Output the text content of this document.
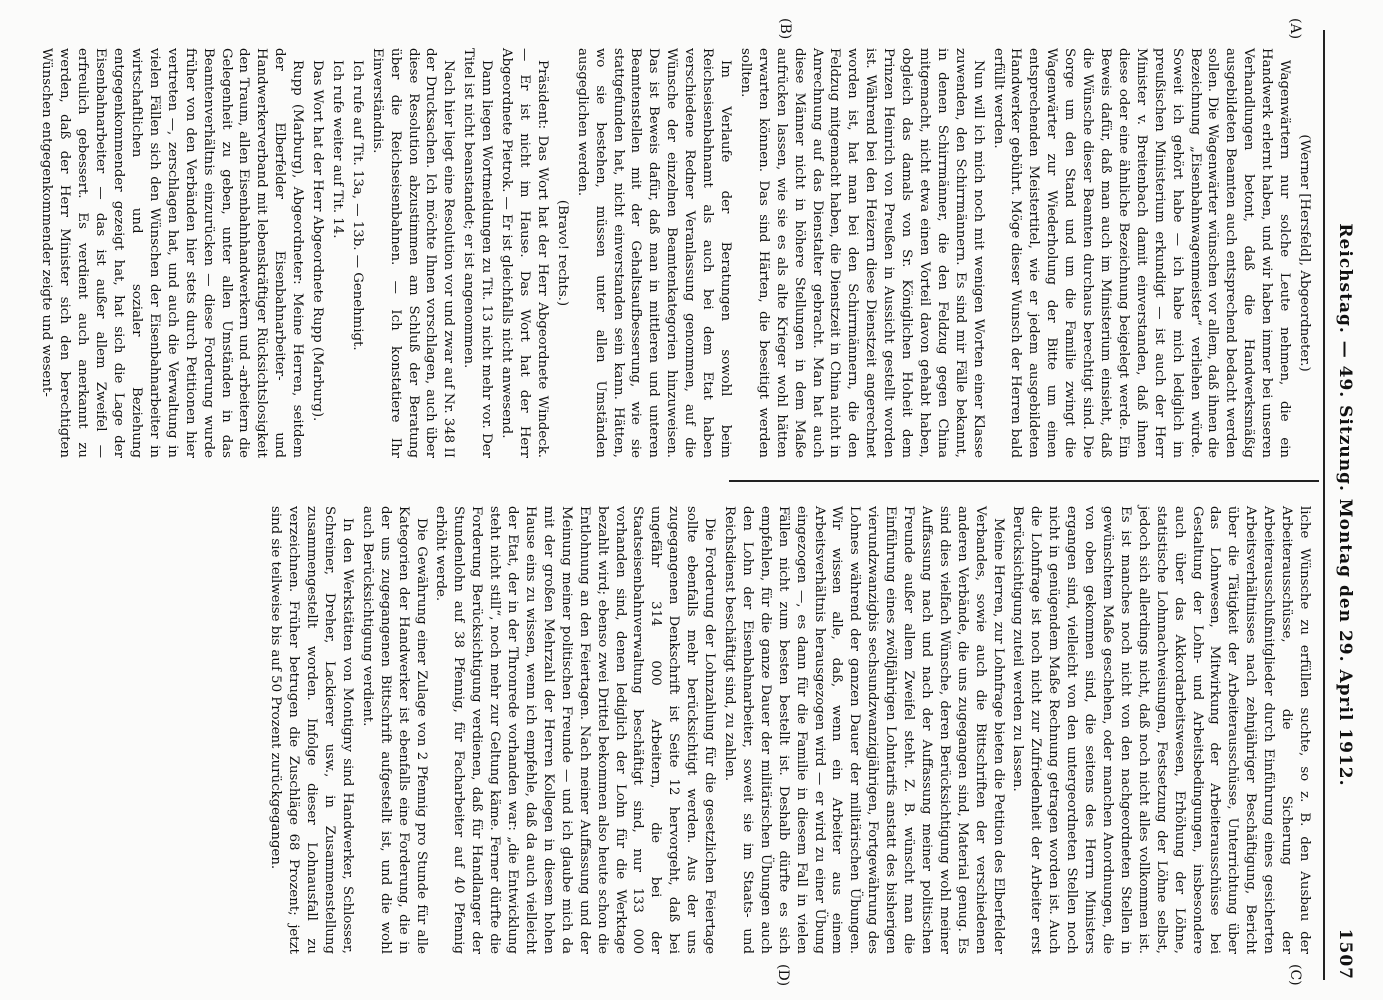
Reichstag. — 49. Sitzung. Montag den 29. April 1912.
1507
(A)
(B)
(C)
(D)

(Werner [Hersfeld], Abgeordneter.)

Wagenwärtern nur solche Leute nehmen, die ein Handwerk erlernt haben, und wir haben immer bei unseren Verhandlungen betont, daß die Handwerksmäßig ausgebildeten Beamten auch entsprechend bedacht werden sollen. Die Wagenwärter wünschen vor allem, daß ihnen die Bezeichnung „Eisenbahnwagenmeister“ verliehen würde. Soweit ich gehört habe — ich habe mich lediglich im preußischen Ministerium erkundigt — ist auch der Herr Minister v. Breitenbach damit einverstanden, daß ihnen diese oder eine ähnliche Bezeichnung beigelegt werde. Ein Beweis dafür, daß man auch im Ministerium einsieht, daß die Wünsche dieser Beamten durchaus berechtigt sind. Die Sorge um den Stand und um die Familie zwingt die Wagenwärter zur Wiederholung der Bitte um einen entsprechenden Meistertitel, wie er jedem ausgebildeten Handwerker gebührt. Möge dieser Wunsch der Herren bald erfüllt werden.

Nun will ich mich noch mit wenigen Worten einer Klasse zuwenden, den Schirrmännern. Es sind mir Fälle bekannt, in denen Schirrmänner, die den Feldzug gegen China mitgemacht, nicht etwa einen Vorteil davon gehabt haben, obgleich das damals von Sr. Königlichen Hoheit dem Prinzen Heinrich von Preußen in Aussicht gestellt worden ist. Während bei den Heizern diese Dienstzeit angerechnet worden ist, hat man bei den Schirrmännern, die den Feldzug mitgemacht haben, die Dienstzeit in China nicht in Anrechnung auf das Dienstalter gebracht. Man hat auch diese Männer nicht in höhere Stellungen in dem Maße aufrücken lassen, wie sie es als alte Krieger wohl hätten erwarten können. Das sind Härten, die beseitigt werden sollten.

Im Verlaufe der Beratungen sowohl beim Reichseisenbahnamt als auch bei dem Etat haben verschiedene Redner Veranlassung genommen, auf die Wünsche der einzelnen Beamtenkategorien hinzuweisen. Das ist Beweis dafür, daß man in mittleren und unteren Beamtenstellen mit der Gehaltsaufbesserung, wie sie stattgefunden hat, nicht einverstanden sein kann. Hätten, wo sie bestehen, müssen unter allen Umständen ausgeglichen werden.

(Bravo! rechts.)

Präsident: Das Wort hat der Herr Abgeordnete Windeck. — Er ist nicht im Hause. Das Wort hat der Herr Abgeordnete Pietrok. — Er ist gleichfalls nicht anwesend.

Dann liegen Wortmeldungen zu Tit. 13 nicht mehr vor. Der Titel ist nicht beanstandet; er ist angenommen.

Nach hier liegt eine Resolution vor und zwar auf Nr. 348 II der Drucksachen. Ich möchte Ihnen vorschlagen, auch über diese Resolution abzustimmen am Schluß der Beratung über die Reichseisenbahnen. — Ich konstatiere Ihr Einverständnis.

Ich rufe auf Tit. 13a, — 13b. — Genehmigt.

Ich rufe weiter auf Tit. 14.

Das Wort hat der Herr Abgeordnete Rupp (Marburg).

Rupp (Marburg), Abgeordneter: Meine Herren, seitdem der Elberfelder Eisenbahnarbeiter- und Handwerkerverband mit lebenskräftiger Rücksichtslosigkeit den Traum, allen Eisenbahnhandwerkern und -arbeitern die Gelegenheit zu geben, unter allen Umständen in das Beamtenverhältnis einzurücken — diese Forderung wurde früher von den Verbänden hier stets durch Petitionen hier vertreten —, zerschlagen hat, und auch die Verwaltung in vielen Fällen sich den Wünschen der Eisenbahnarbeiter in wirtschaftlichen und sozialer Beziehung entgegenkommender gezeigt hat, hat sich die Lage der Eisenbahnarbeiter — das ist außer allem Zweifel — erfreulich gebessert. Es verdient auch anerkannt zu werden, daß der Herr Minister sich den berechtigten Wünschen entgegenkommender zeigte und wesent-

liche Wünsche zu erfüllen suchte, so z. B. den Ausbau der Arbeiterausschüsse, die Sicherung der Arbeiterausschußmitglieder durch Einführung eines gesicherten Arbeitsverhältnisses nach zehnjähriger Beschäftigung, Bericht über die Tätigkeit der Arbeiterausschüsse, Unterrichtung über das Lohnwesen, Mitwirkung der Arbeiterausschüsse bei Gestaltung der Lohn- und Arbeitsbedingungen, insbesondere auch über das Akkordarbeitswesen, Erhöhung der Löhne, statistische Lohnnachweisungen, Festsetzung der Löhne selbst, jedoch sich allerdings nicht, daß noch nicht alles vollkommen ist. Es ist manches noch nicht von den nachgeordneten Stellen in gewünschtem Maße geschehen, oder manchen Anordnungen, die von oben gekommen sind, die seitens des Herrn Ministers ergangen sind, vielleicht von den untergeordneten Stellen noch nicht in genügendem Maße Rechnung getragen worden ist. Auch die Lohnfrage ist noch nicht zur Zufriedenheit der Arbeiter erst Berücksichtigung zuteil werden zu lassen.

Meine Herren, zur Lohnfrage bieten die Petition des Elberfelder Verbandes, sowie auch die Bittschriften der verschiedenen anderen Verbände, die uns zugegangen sind, Material genug. Es sind dies vielfach Wünsche, deren Berücksichtigung wohl meiner Auffassung nach und nach der Auffassung meiner politischen Freunde außer allem Zweifel steht. Z. B. wünscht man die Einführung eines zwölfjährigen Lohntarifs anstatt des bisherigen vierundzwanzigbis sechsundzwanzigjährigen, Fortgewährung des Lohnes während der ganzen Dauer der militärischen Übungen. Wir wissen alle, daß, wenn ein Arbeiter aus einem Arbeitsverhältnis herausgezogen wird — er wird zu einer Übung eingezogen —, es dann für die Familie in diesem Fall in vielen Fällen nicht zum besten bestellt ist. Deshalb dürfte es sich empfehlen, für die ganze Dauer der militärischen Übungen auch den Lohn der Eisenbahnarbeiter, soweit sie im Staats- und Reichsdienst beschäftigt sind, zu zahlen.

Die Forderung der Lohnzahlung für die gesetzlichen Feiertage sollte ebenfalls mehr berücksichtigt werden. Aus der uns zugegangenen Denkschrift ist Seite 12 hervorgeht, daß bei ungefähr 314 000 Arbeitern, die bei der Staatseisenbahnverwaltung beschäftigt sind, nur 133 000 vorhanden sind, denen lediglich der Lohn für die Werktage bezahlt wird; ebenso zwei Drittel bekommen also heute schon die Entlohnung an den Feiertagen. Nach meiner Auffassung und der Meinung meiner politischen Freunde — und ich glaube mich da mit der großen Mehrzahl der Herren Kollegen in diesem hohen Hause eins zu wissen, wenn ich empfehle, daß da auch vielleicht der Etat, der in der Thronrede vorhanden war: „die Entwicklung steht nicht still“, noch mehr zur Geltung käme. Ferner dürfte die Forderung Berücksichtigung verdienen, daß für Handlanger der Stundenlohn auf 38 Pfennig, für Facharbeiter auf 40 Pfennig erhöht werde.

Die Gewährung einer Zulage von 2 Pfennig pro Stunde für alle Kategorien der Handwerker ist ebenfalls eine Forderung, die in der uns zugegangenen Bittschrift aufgestellt ist, und die wohl auch Berücksichtigung verdient.

In den Werkstätten von Montigny sind Handwerker, Schlosser, Schreiner, Dreher, Lackierer usw., in Zusammenstellung zusammengestellt worden. Infolge dieser Lohnausfall zu verzeichnen. Früher betrugen die Zuschläge 68 Prozent; jetzt sind sie teilweise bis auf 50 Prozent zurückgegangen.
